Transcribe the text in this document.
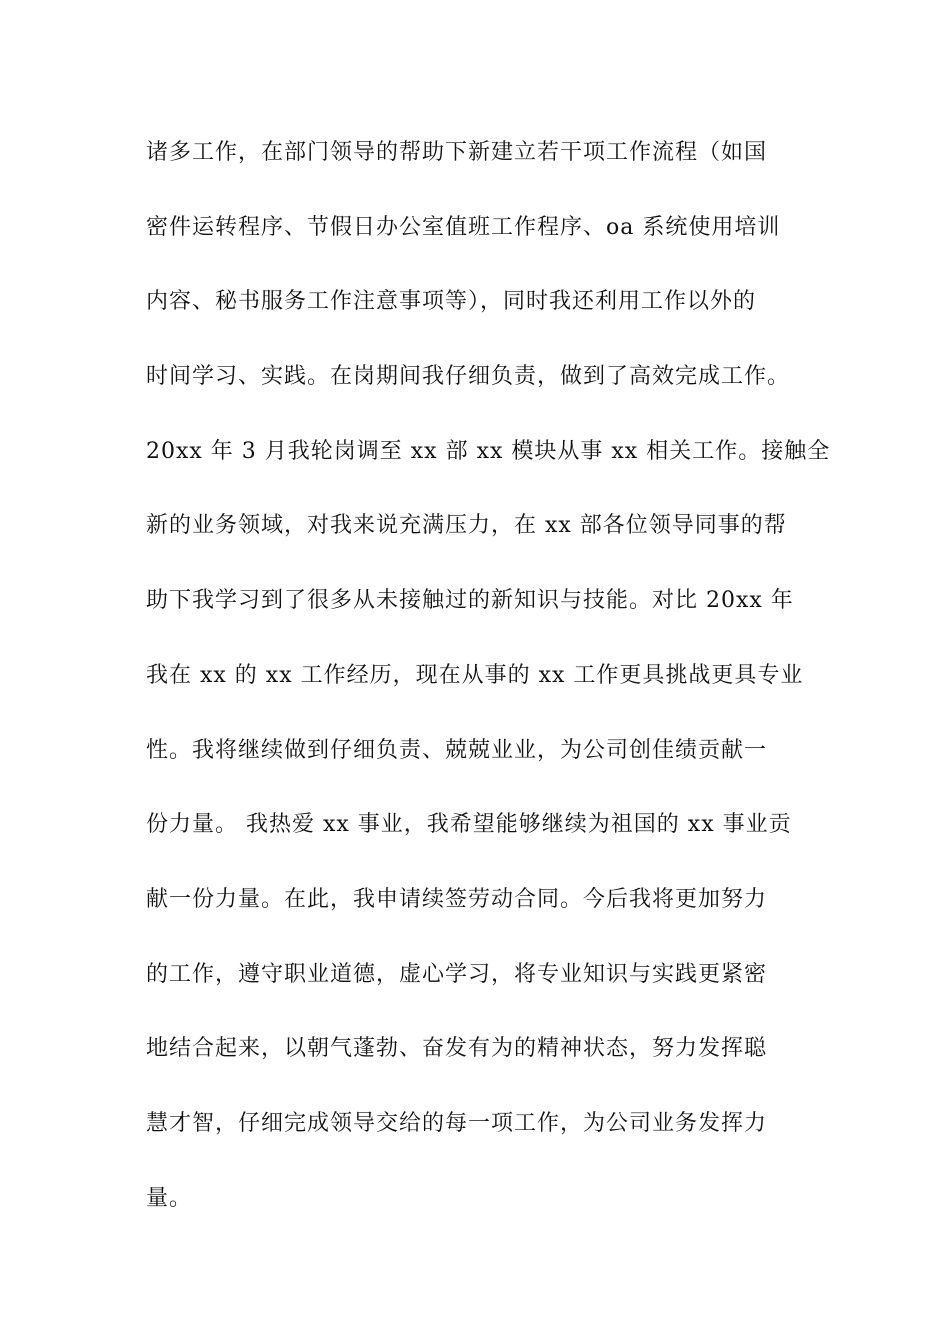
诸多工作，在部门领导的帮助下新建立若干项工作流程（如国
密件运转程序、节假日办公室值班工作程序、oa 系统使用培训
内容、秘书服务工作注意事项等），同时我还利用工作以外的
时间学习、实践。在岗期间我仔细负责，做到了高效完成工作。
20xx 年 3 月我轮岗调至 xx 部 xx 模块从事 xx 相关工作。接触全
新的业务领域，对我来说充满压力，在 xx 部各位领导同事的帮
助下我学习到了很多从未接触过的新知识与技能。对比 20xx 年
我在 xx 的 xx 工作经历，现在从事的 xx 工作更具挑战更具专业
性。我将继续做到仔细负责、兢兢业业，为公司创佳绩贡献一
份力量。 我热爱 xx 事业，我希望能够继续为祖国的 xx 事业贡
献一份力量。在此，我申请续签劳动合同。今后我将更加努力
的工作，遵守职业道德，虚心学习，将专业知识与实践更紧密
地结合起来，以朝气蓬勃、奋发有为的精神状态，努力发挥聪
慧才智，仔细完成领导交给的每一项工作，为公司业务发挥力
量。
